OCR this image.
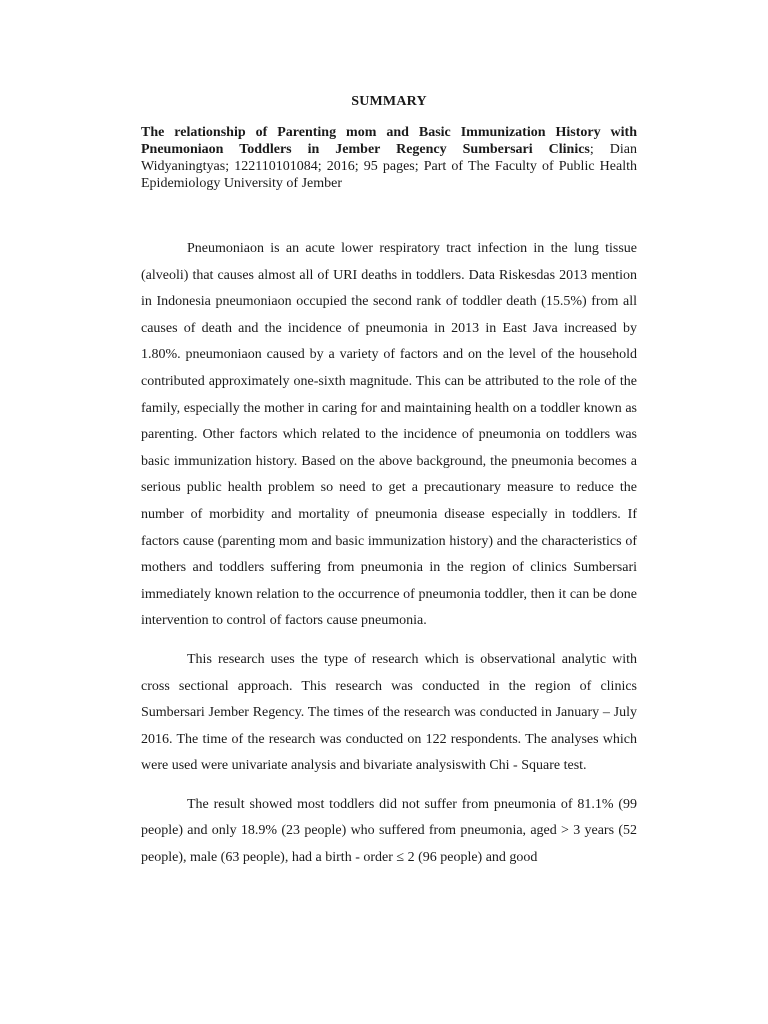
SUMMARY
The relationship of Parenting mom and Basic Immunization History with Pneumoniaon Toddlers in Jember Regency Sumbersari Clinics; Dian Widyaningtyas; 122110101084; 2016; 95 pages; Part of The Faculty of Public Health Epidemiology University of Jember

Pneumoniaon is an acute lower respiratory tract infection in the lung tissue (alveoli) that causes almost all of URI deaths in toddlers. Data Riskesdas 2013 mention in Indonesia pneumoniaon occupied the second rank of toddler death (15.5%) from all causes of death and the incidence of pneumonia in 2013 in East Java increased by 1.80%. pneumoniaon caused by a variety of factors and on the level of the household contributed approximately one-sixth magnitude. This can be attributed to the role of the family, especially the mother in caring for and maintaining health on a toddler known as parenting. Other factors which related to the incidence of pneumonia on toddlers was basic immunization history. Based on the above background, the pneumonia becomes a serious public health problem so need to get a precautionary measure to reduce the number of morbidity and mortality of pneumonia disease especially in toddlers. If factors cause (parenting mom and basic immunization history) and the characteristics of mothers and toddlers suffering from pneumonia in the region of clinics Sumbersari immediately known relation to the occurrence of pneumonia toddler, then it can be done intervention to control of factors cause pneumonia.

This research uses the type of research which is observational analytic with cross sectional approach. This research was conducted in the region of clinics Sumbersari Jember Regency. The times of the research was conducted in January – July 2016. The time of the research was conducted on 122 respondents. The analyses which were used were univariate analysis and bivariate analysiswith Chi - Square test.

The result showed most toddlers did not suffer from pneumonia of 81.1% (99 people) and only 18.9% (23 people) who suffered from pneumonia, aged > 3 years (52 people), male (63 people), had a birth - order ≤ 2 (96 people) and good
